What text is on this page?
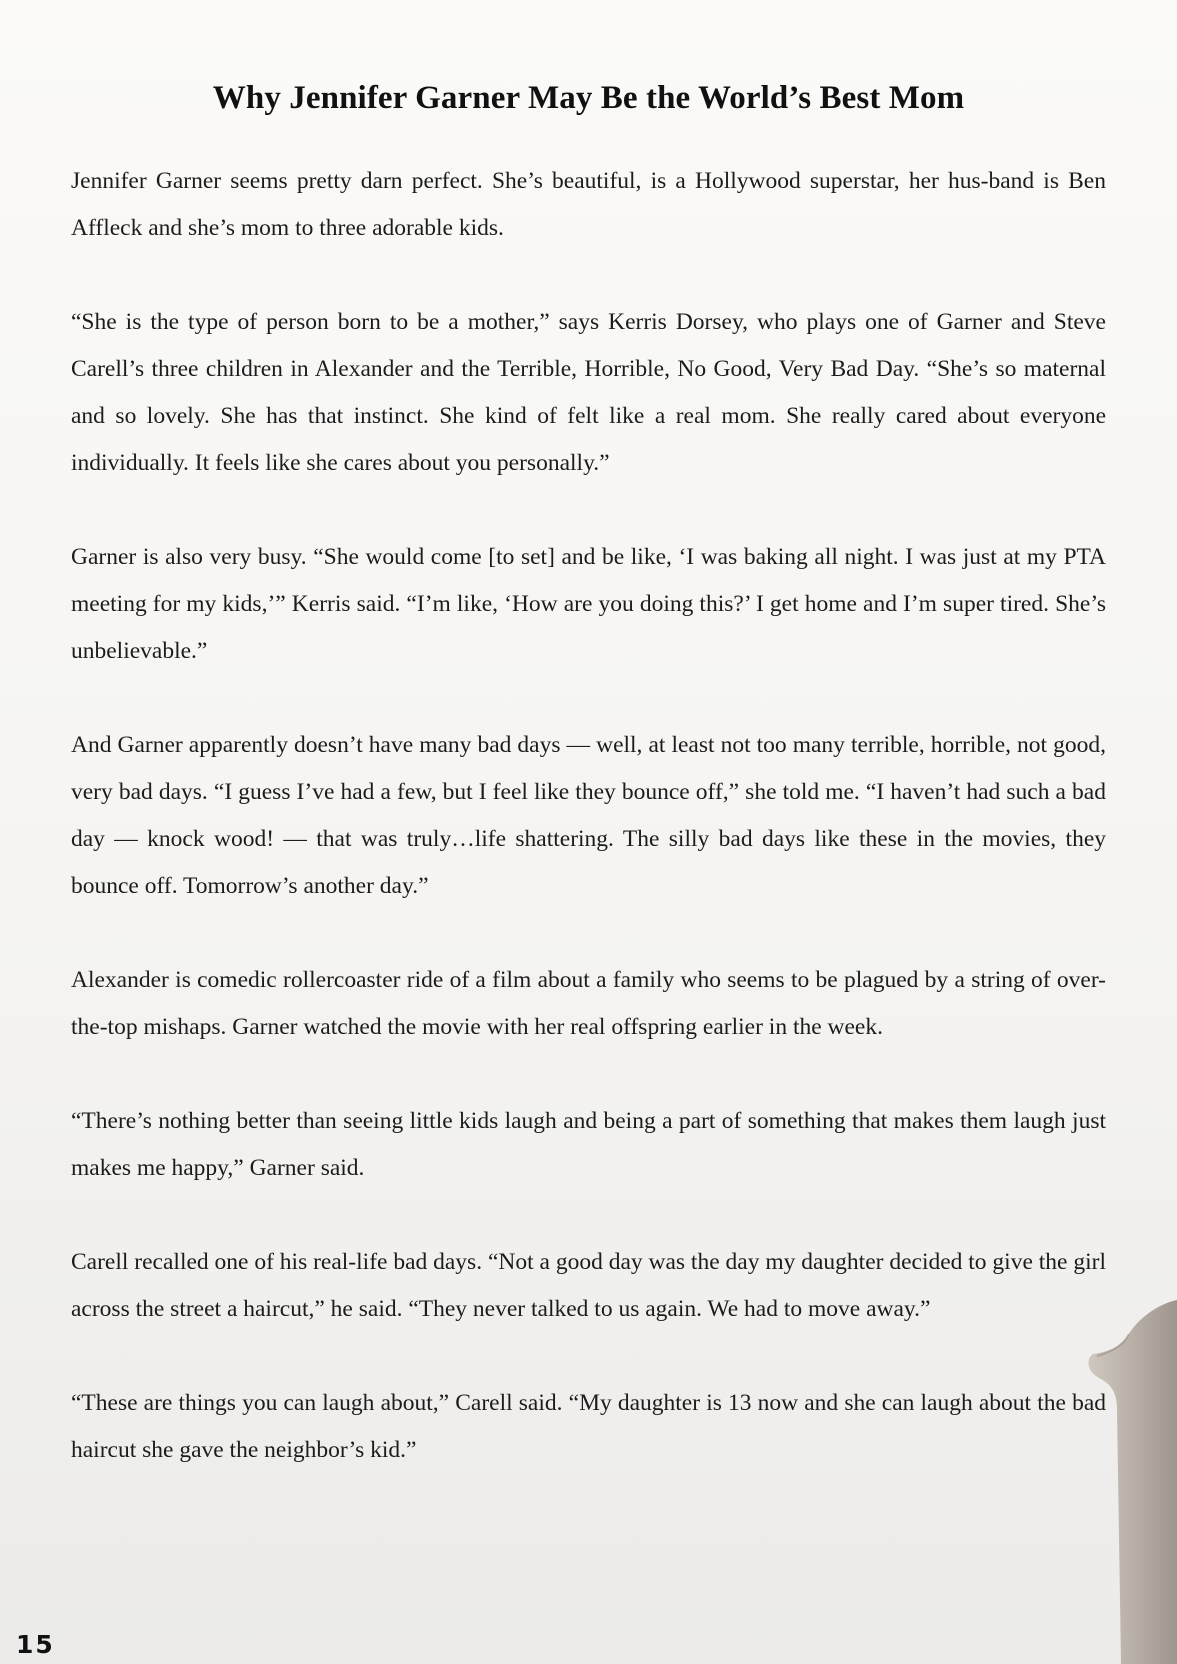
Why Jennifer Garner May Be the World’s Best Mom

Jennifer Garner seems pretty darn perfect. She’s beautiful, is a Hollywood superstar, her hus-band is Ben Affleck and she’s mom to three adorable kids.

“She is the type of person born to be a mother,” says Kerris Dorsey, who plays one of Garner and Steve Carell’s three children in Alexander and the Terrible, Horrible, No Good, Very Bad Day. “She’s so maternal and so lovely. She has that instinct. She kind of felt like a real mom. She really cared about everyone individually. It feels like she cares about you personally.”

Garner is also very busy. “She would come [to set] and be like, ‘I was baking all night. I was just at my PTA meeting for my kids,’” Kerris said. “I’m like, ‘How are you doing this?’ I get home and I’m super tired. She’s unbelievable.”

And Garner apparently doesn’t have many bad days — well, at least not too many terrible, horrible, not good, very bad days. “I guess I’ve had a few, but I feel like they bounce off,” she told me. “I haven’t had such a bad day — knock wood! — that was truly…life shattering. The silly bad days like these in the movies, they bounce off. Tomorrow’s another day.”

Alexander is comedic rollercoaster ride of a film about a family who seems to be plagued by a string of over-the-top mishaps. Garner watched the movie with her real offspring earlier in the week.

“There’s nothing better than seeing little kids laugh and being a part of something that makes them laugh just makes me happy,” Garner said.

Carell recalled one of his real-life bad days. “Not a good day was the day my daughter decided to give the girl across the street a haircut,” he said. “They never talked to us again. We had to move away.”

“These are things you can laugh about,” Carell said. “My daughter is 13 now and she can laugh about the bad haircut she gave the neighbor’s kid.”

15
